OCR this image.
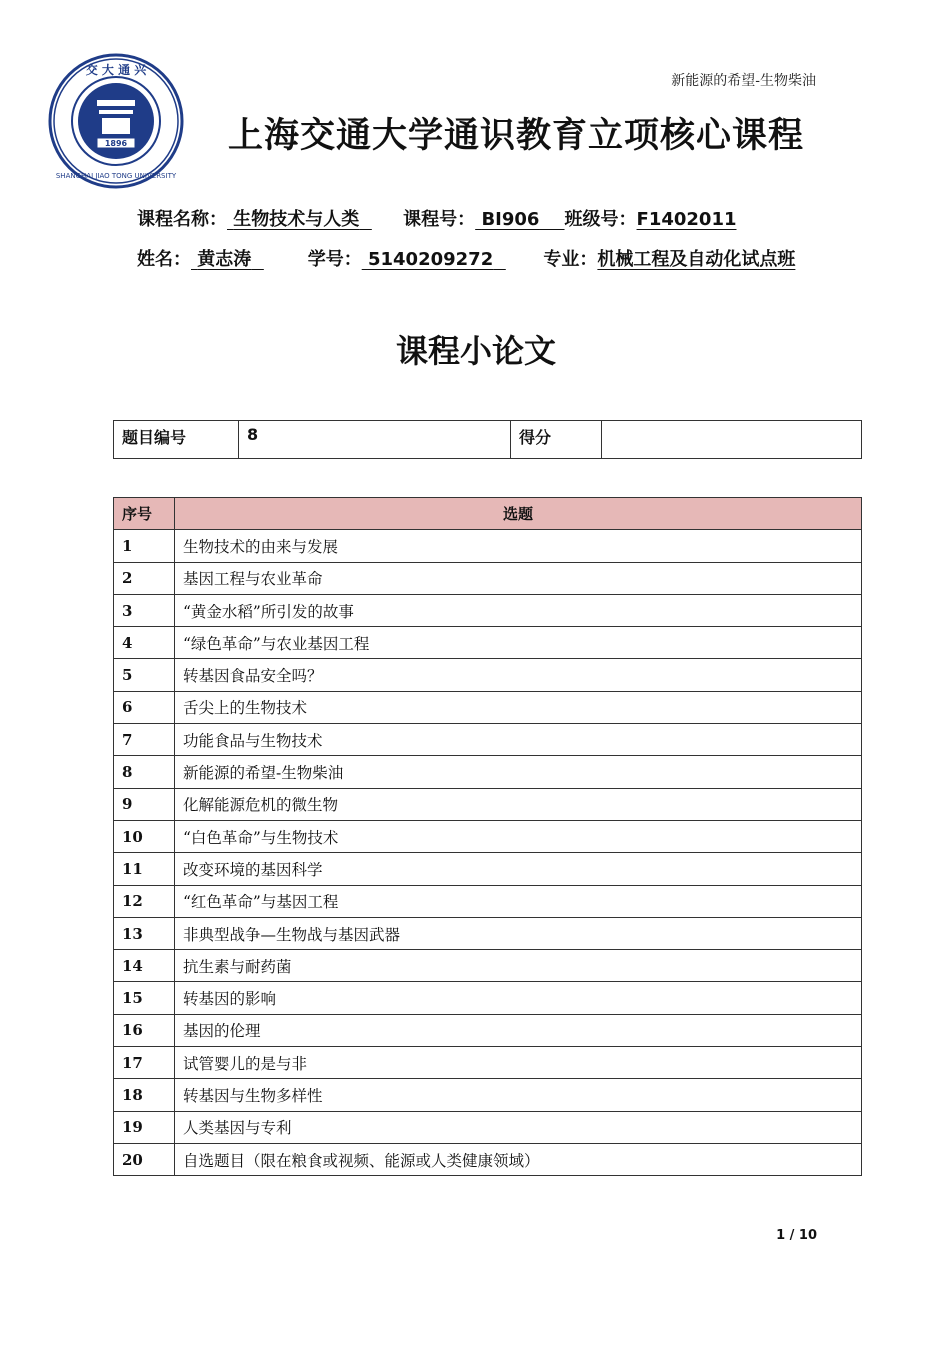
新能源的希望-生物柴油
1896
交 大 通 兴
SHANGHAI JIAO TONG UNIVERSITY
上海交通大学通识教育立项核心课程
课程名称： 生物技术与人类 课程号： BI906 班级号：F1402011
姓名： 黄志涛	学号： 5140209272	专业：机械工程及自动化试点班
课程小论文
题目编号	8	得分	
序号	选题
1	生物技术的由来与发展
2	基因工程与农业革命
3	“黄金水稻”所引发的故事
4	“绿色革命”与农业基因工程
5	转基因食品安全吗？
6	舌尖上的生物技术
7	功能食品与生物技术
8	新能源的希望-生物柴油
9	化解能源危机的微生物
10	“白色革命”与生物技术
11	改变环境的基因科学
12	“红色革命”与基因工程
13	非典型战争—生物战与基因武器
14	抗生素与耐药菌
15	转基因的影响
16	基因的伦理
17	试管婴儿的是与非
18	转基因与生物多样性
19	人类基因与专利
20	自选题目（限在粮食或视频、能源或人类健康领域）
1 / 10
